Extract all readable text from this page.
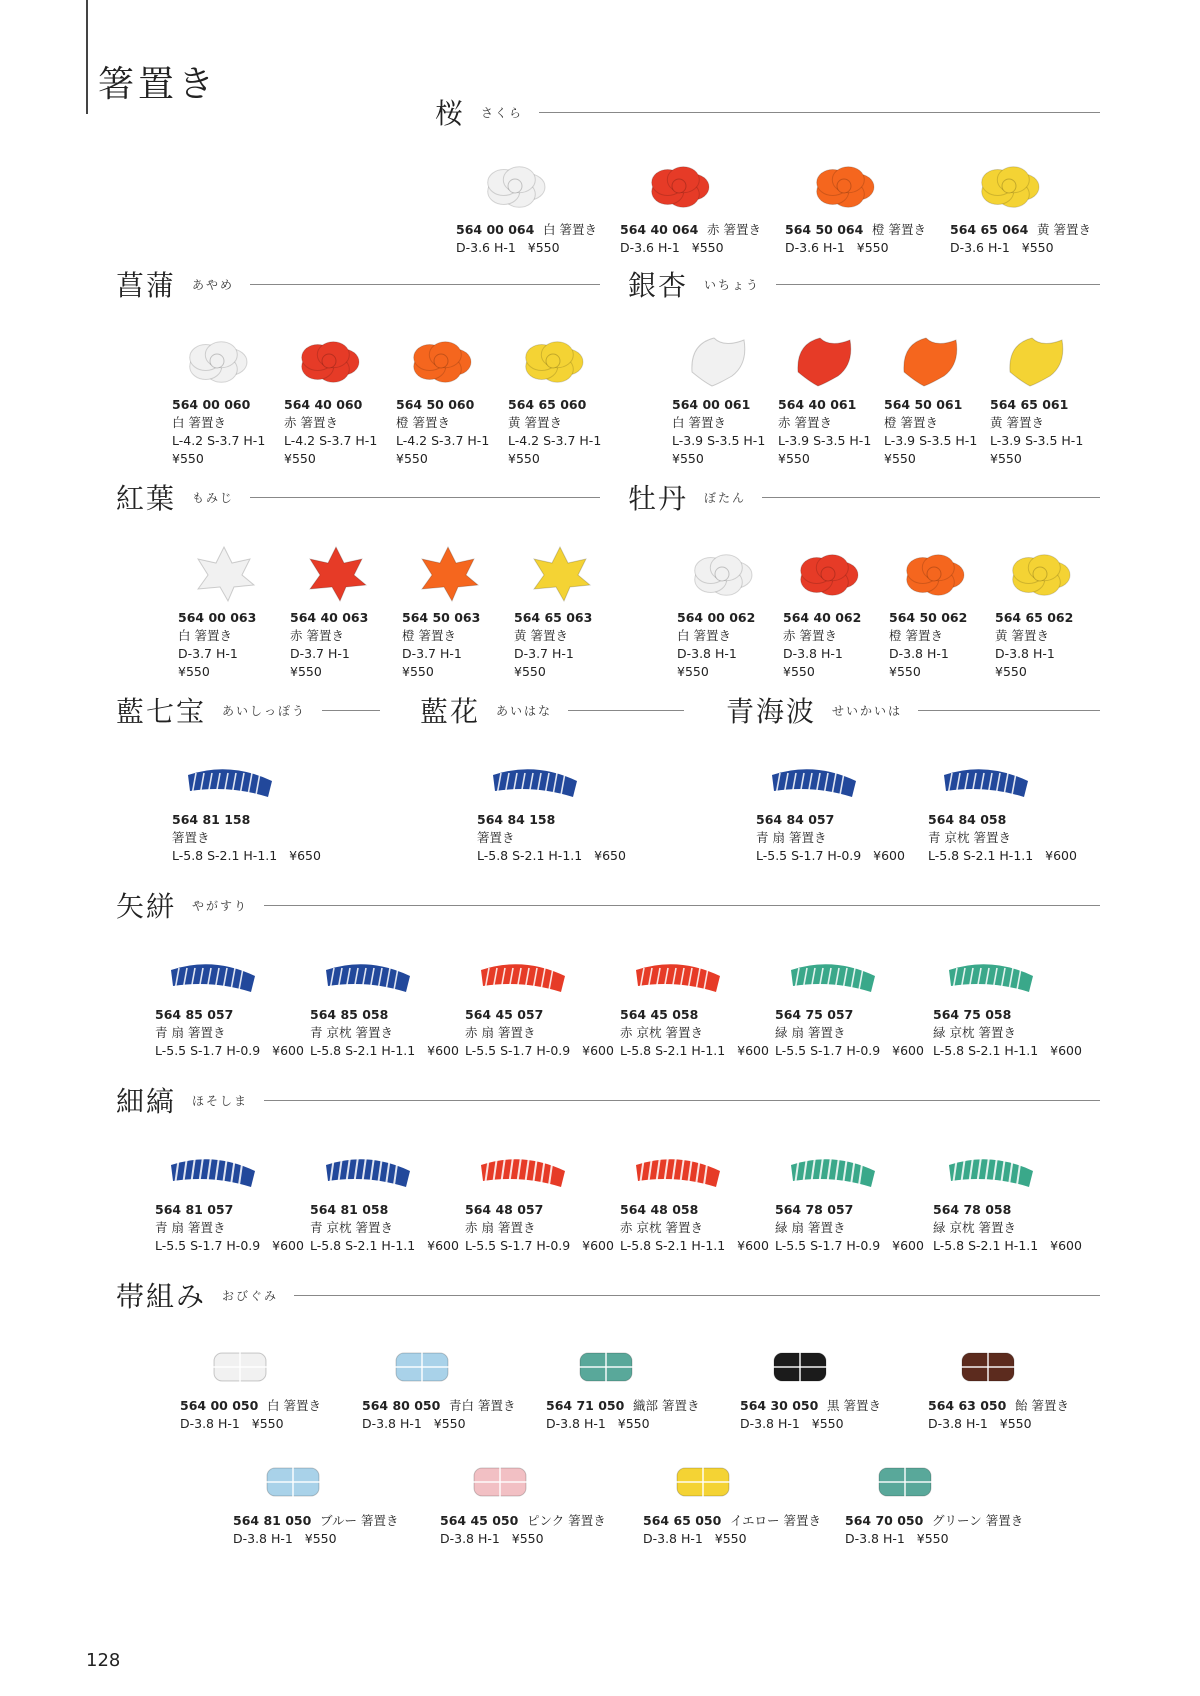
箸置き
128
桜 さくら
564 00 064 白 箸置き
D-3.6 H-1 ¥550
564 40 064 赤 箸置き
D-3.6 H-1 ¥550
564 50 064 橙 箸置き
D-3.6 H-1 ¥550
564 65 064 黄 箸置き
D-3.6 H-1 ¥550
菖蒲 あやめ
564 00 060
白 箸置き
L-4.2 S-3.7 H-1
¥550
564 40 060
赤 箸置き
L-4.2 S-3.7 H-1
¥550
564 50 060
橙 箸置き
L-4.2 S-3.7 H-1
¥550
564 65 060
黄 箸置き
L-4.2 S-3.7 H-1
¥550
銀杏 いちょう
564 00 061
白 箸置き
L-3.9 S-3.5 H-1
¥550
564 40 061
赤 箸置き
L-3.9 S-3.5 H-1
¥550
564 50 061
橙 箸置き
L-3.9 S-3.5 H-1
¥550
564 65 061
黄 箸置き
L-3.9 S-3.5 H-1
¥550
紅葉 もみじ
564 00 063
白 箸置き
D-3.7 H-1
¥550
564 40 063
赤 箸置き
D-3.7 H-1
¥550
564 50 063
橙 箸置き
D-3.7 H-1
¥550
564 65 063
黄 箸置き
D-3.7 H-1
¥550
牡丹 ぼたん
564 00 062
白 箸置き
D-3.8 H-1
¥550
564 40 062
赤 箸置き
D-3.8 H-1
¥550
564 50 062
橙 箸置き
D-3.8 H-1
¥550
564 65 062
黄 箸置き
D-3.8 H-1
¥550
藍七宝 あいしっぽう
564 81 158
箸置き
L-5.8 S-2.1 H-1.1 ¥650
藍花 あいはな
564 84 158
箸置き
L-5.8 S-2.1 H-1.1 ¥650
青海波 せいかいは
564 84 057
青 扇 箸置き
L-5.5 S-1.7 H-0.9 ¥600
564 84 058
青 京枕 箸置き
L-5.8 S-2.1 H-1.1 ¥600
矢絣 やがすり
564 85 057
青 扇 箸置き
L-5.5 S-1.7 H-0.9 ¥600
564 85 058
青 京枕 箸置き
L-5.8 S-2.1 H-1.1 ¥600
564 45 057
赤 扇 箸置き
L-5.5 S-1.7 H-0.9 ¥600
564 45 058
赤 京枕 箸置き
L-5.8 S-2.1 H-1.1 ¥600
564 75 057
緑 扇 箸置き
L-5.5 S-1.7 H-0.9 ¥600
564 75 058
緑 京枕 箸置き
L-5.8 S-2.1 H-1.1 ¥600
細縞 ほそしま
564 81 057
青 扇 箸置き
L-5.5 S-1.7 H-0.9 ¥600
564 81 058
青 京枕 箸置き
L-5.8 S-2.1 H-1.1 ¥600
564 48 057
赤 扇 箸置き
L-5.5 S-1.7 H-0.9 ¥600
564 48 058
赤 京枕 箸置き
L-5.8 S-2.1 H-1.1 ¥600
564 78 057
緑 扇 箸置き
L-5.5 S-1.7 H-0.9 ¥600
564 78 058
緑 京枕 箸置き
L-5.8 S-2.1 H-1.1 ¥600
帯組み おびぐみ
564 00 050 白 箸置き
D-3.8 H-1 ¥550
564 80 050 青白 箸置き
D-3.8 H-1 ¥550
564 71 050 織部 箸置き
D-3.8 H-1 ¥550
564 30 050 黒 箸置き
D-3.8 H-1 ¥550
564 63 050 飴 箸置き
D-3.8 H-1 ¥550
564 81 050 ブルー 箸置き
D-3.8 H-1 ¥550
564 45 050 ピンク 箸置き
D-3.8 H-1 ¥550
564 65 050 イエロー 箸置き
D-3.8 H-1 ¥550
564 70 050 グリーン 箸置き
D-3.8 H-1 ¥550
